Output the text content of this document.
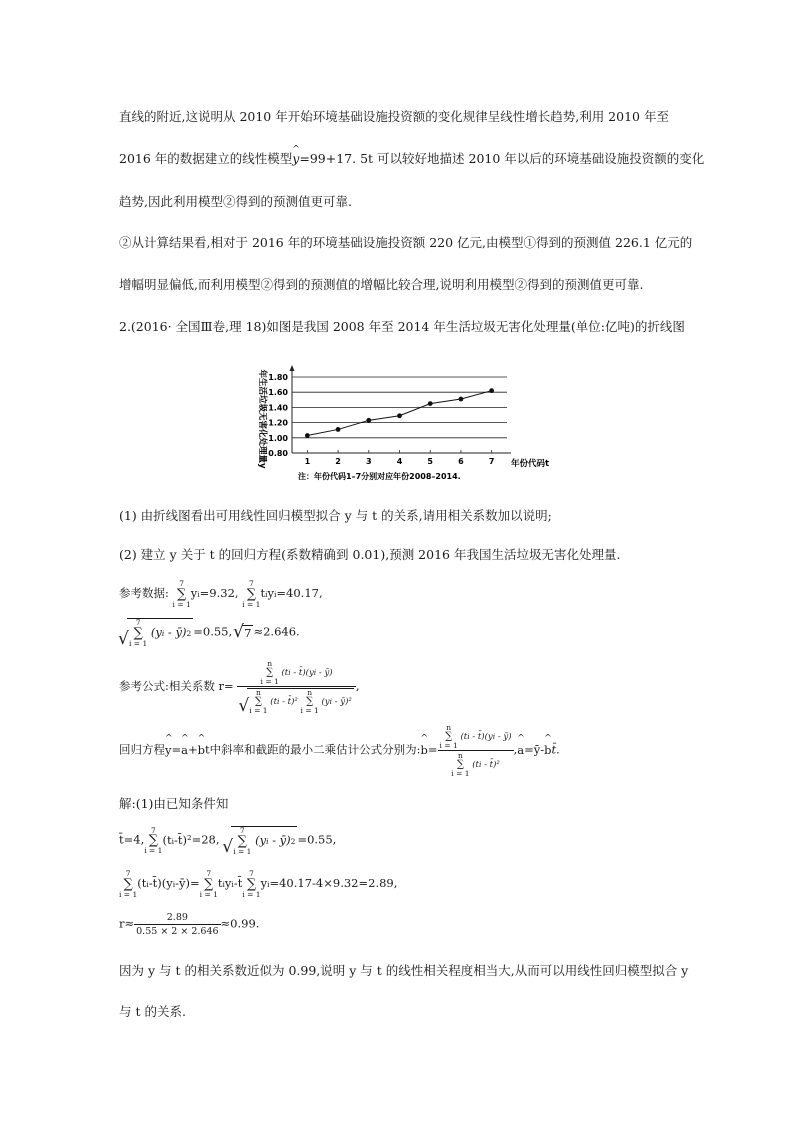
直线的附近,这说明从 2010 年开始环境基础设施投资额的变化规律呈线性增长趋势,利用 2010 年至
2016 年的数据建立的线性模型^ y=99+17. 5t 可以较好地描述 2010 年以后的环境基础设施投资额的变化
趋势,因此利用模型②得到的预测值更可靠.
②从计算结果看,相对于 2016 年的环境基础设施投资额 220 亿元,由模型①得到的预测值 226.1 亿元的
增幅明显偏低,而利用模型②得到的预测值的增幅比较合理,说明利用模型②得到的预测值更可靠.
2.(2016· 全国Ⅲ卷,理 18)如图是我国 2008 年至 2014 年生活垃圾无害化处理量(单位:亿吨)的折线图
0.80
1.00
1.20
1.40
1.60
1.80
1	2	3	4	5	6	7 年份代码t
年生活垃圾无害化处理量y
注：年份代码1–7分别对应年份2008–2014.
(1) 由折线图看出可用线性回归模型拟合 y 与 t 的关系,请用相关系数加以说明;
(2) 建立 y 关于 t 的回归方程(系数精确到 0.01),预测 2016 年我国生活垃圾无害化处理量.
参考数据:
7
∑
i = 1
yi=9.32,
7
∑
i = 1
tiyi=40.17,
√ 7
∑
i = 1
(yi - ȳ)2 =0.55,√ 7 ≈2.646.
参考公式:相关系数 r= n
∑
i = 1
(ti - t̄)(yi - ȳ)
√ n
∑
i = 1
(ti - t̄)²
n
∑
i = 1
(yi - ȳ)² ,
回归方程^ y=^ a+^ bt中斜率和截距的最小二乘估计公式分别为:^ b= n
∑
i = 1
(ti - t̄)(yi - ȳ)
n
∑
i = 1
(ti - t̄)² ,^ a=ȳ-^ bt̄.
解:(1)由已知条件知
t̄=4,
7
∑
i = 1
(ti-t̄)²=28,
√ 7
∑
i = 1
(yi - ȳ)2 =0.55,
7
∑
i = 1
(ti-t̄)(yi-ȳ)=
7
∑
i = 1
tiyi-t̄
7
∑
i = 1
yi=40.17-4×9.32=2.89,
$r\approx \frac{2.89}{0.55 \times 2 \times 2.646} \approx 0.99$.
因为 y 与 t 的相关系数近似为 0.99,说明 y 与 t 的线性相关程度相当大,从而可以用线性回归模型拟合 y
与 t 的关系.
